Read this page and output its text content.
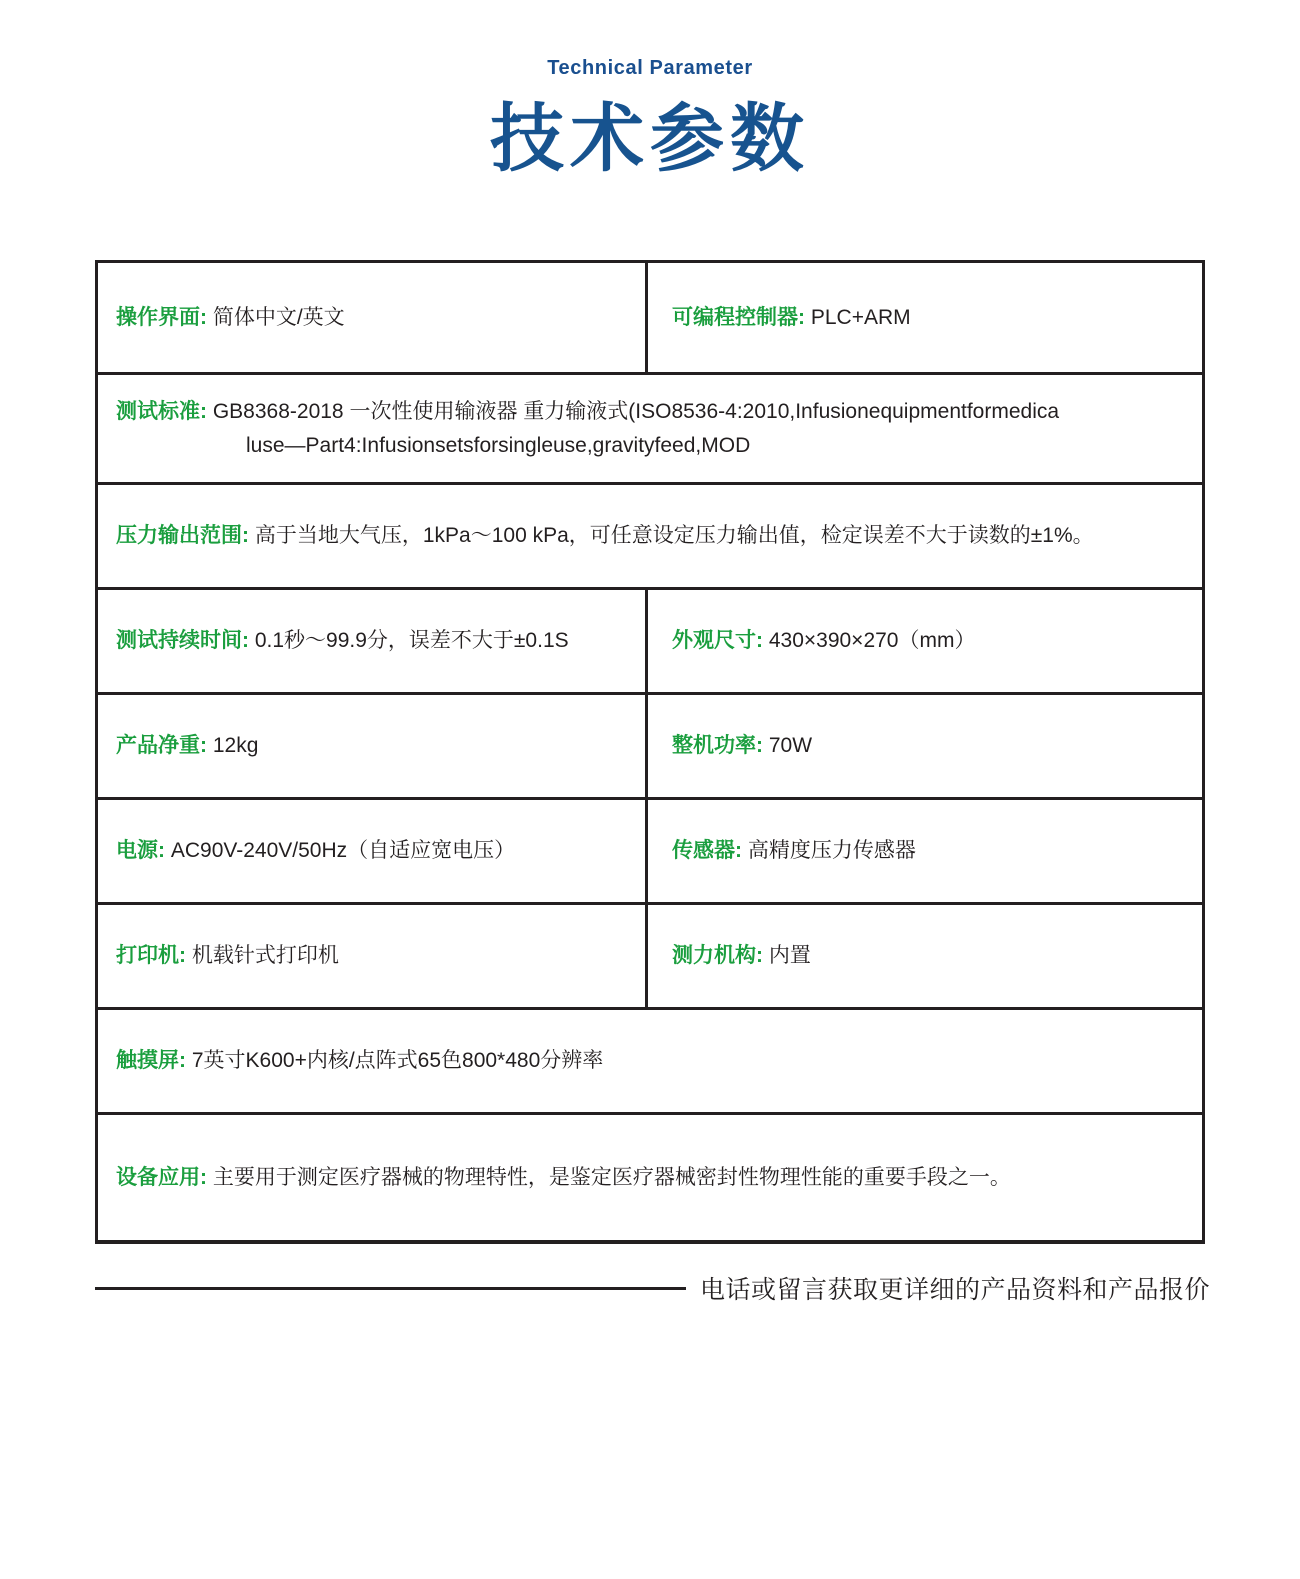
Technical Parameter
技术参数
操作界面: 简体中文/英文	可编程控制器: PLC+ARM
测试标准: GB8368-2018 一次性使用输液器 重力输液式(ISO8536-4:2010,Infusionequipmentformedica
luse—Part4:Infusionsetsforsingleuse,gravityfeed,MOD
压力输出范围: 高于当地大气压，1kPa～100 kPa，可任意设定压力输出值，检定误差不大于读数的±1%。
测试持续时间: 0.1秒～99.9分，误差不大于±0.1S	外观尺寸: 430×390×270（mm）
产品净重: 12kg	整机功率: 70W
电源: AC90V-240V/50Hz（自适应宽电压）	传感器: 高精度压力传感器
打印机: 机载针式打印机	测力机构: 内置
触摸屏: 7英寸K600+内核/点阵式65色800*480分辨率
设备应用: 主要用于测定医疗器械的物理特性，是鉴定医疗器械密封性物理性能的重要手段之一。
电话或留言获取更详细的产品资料和产品报价
